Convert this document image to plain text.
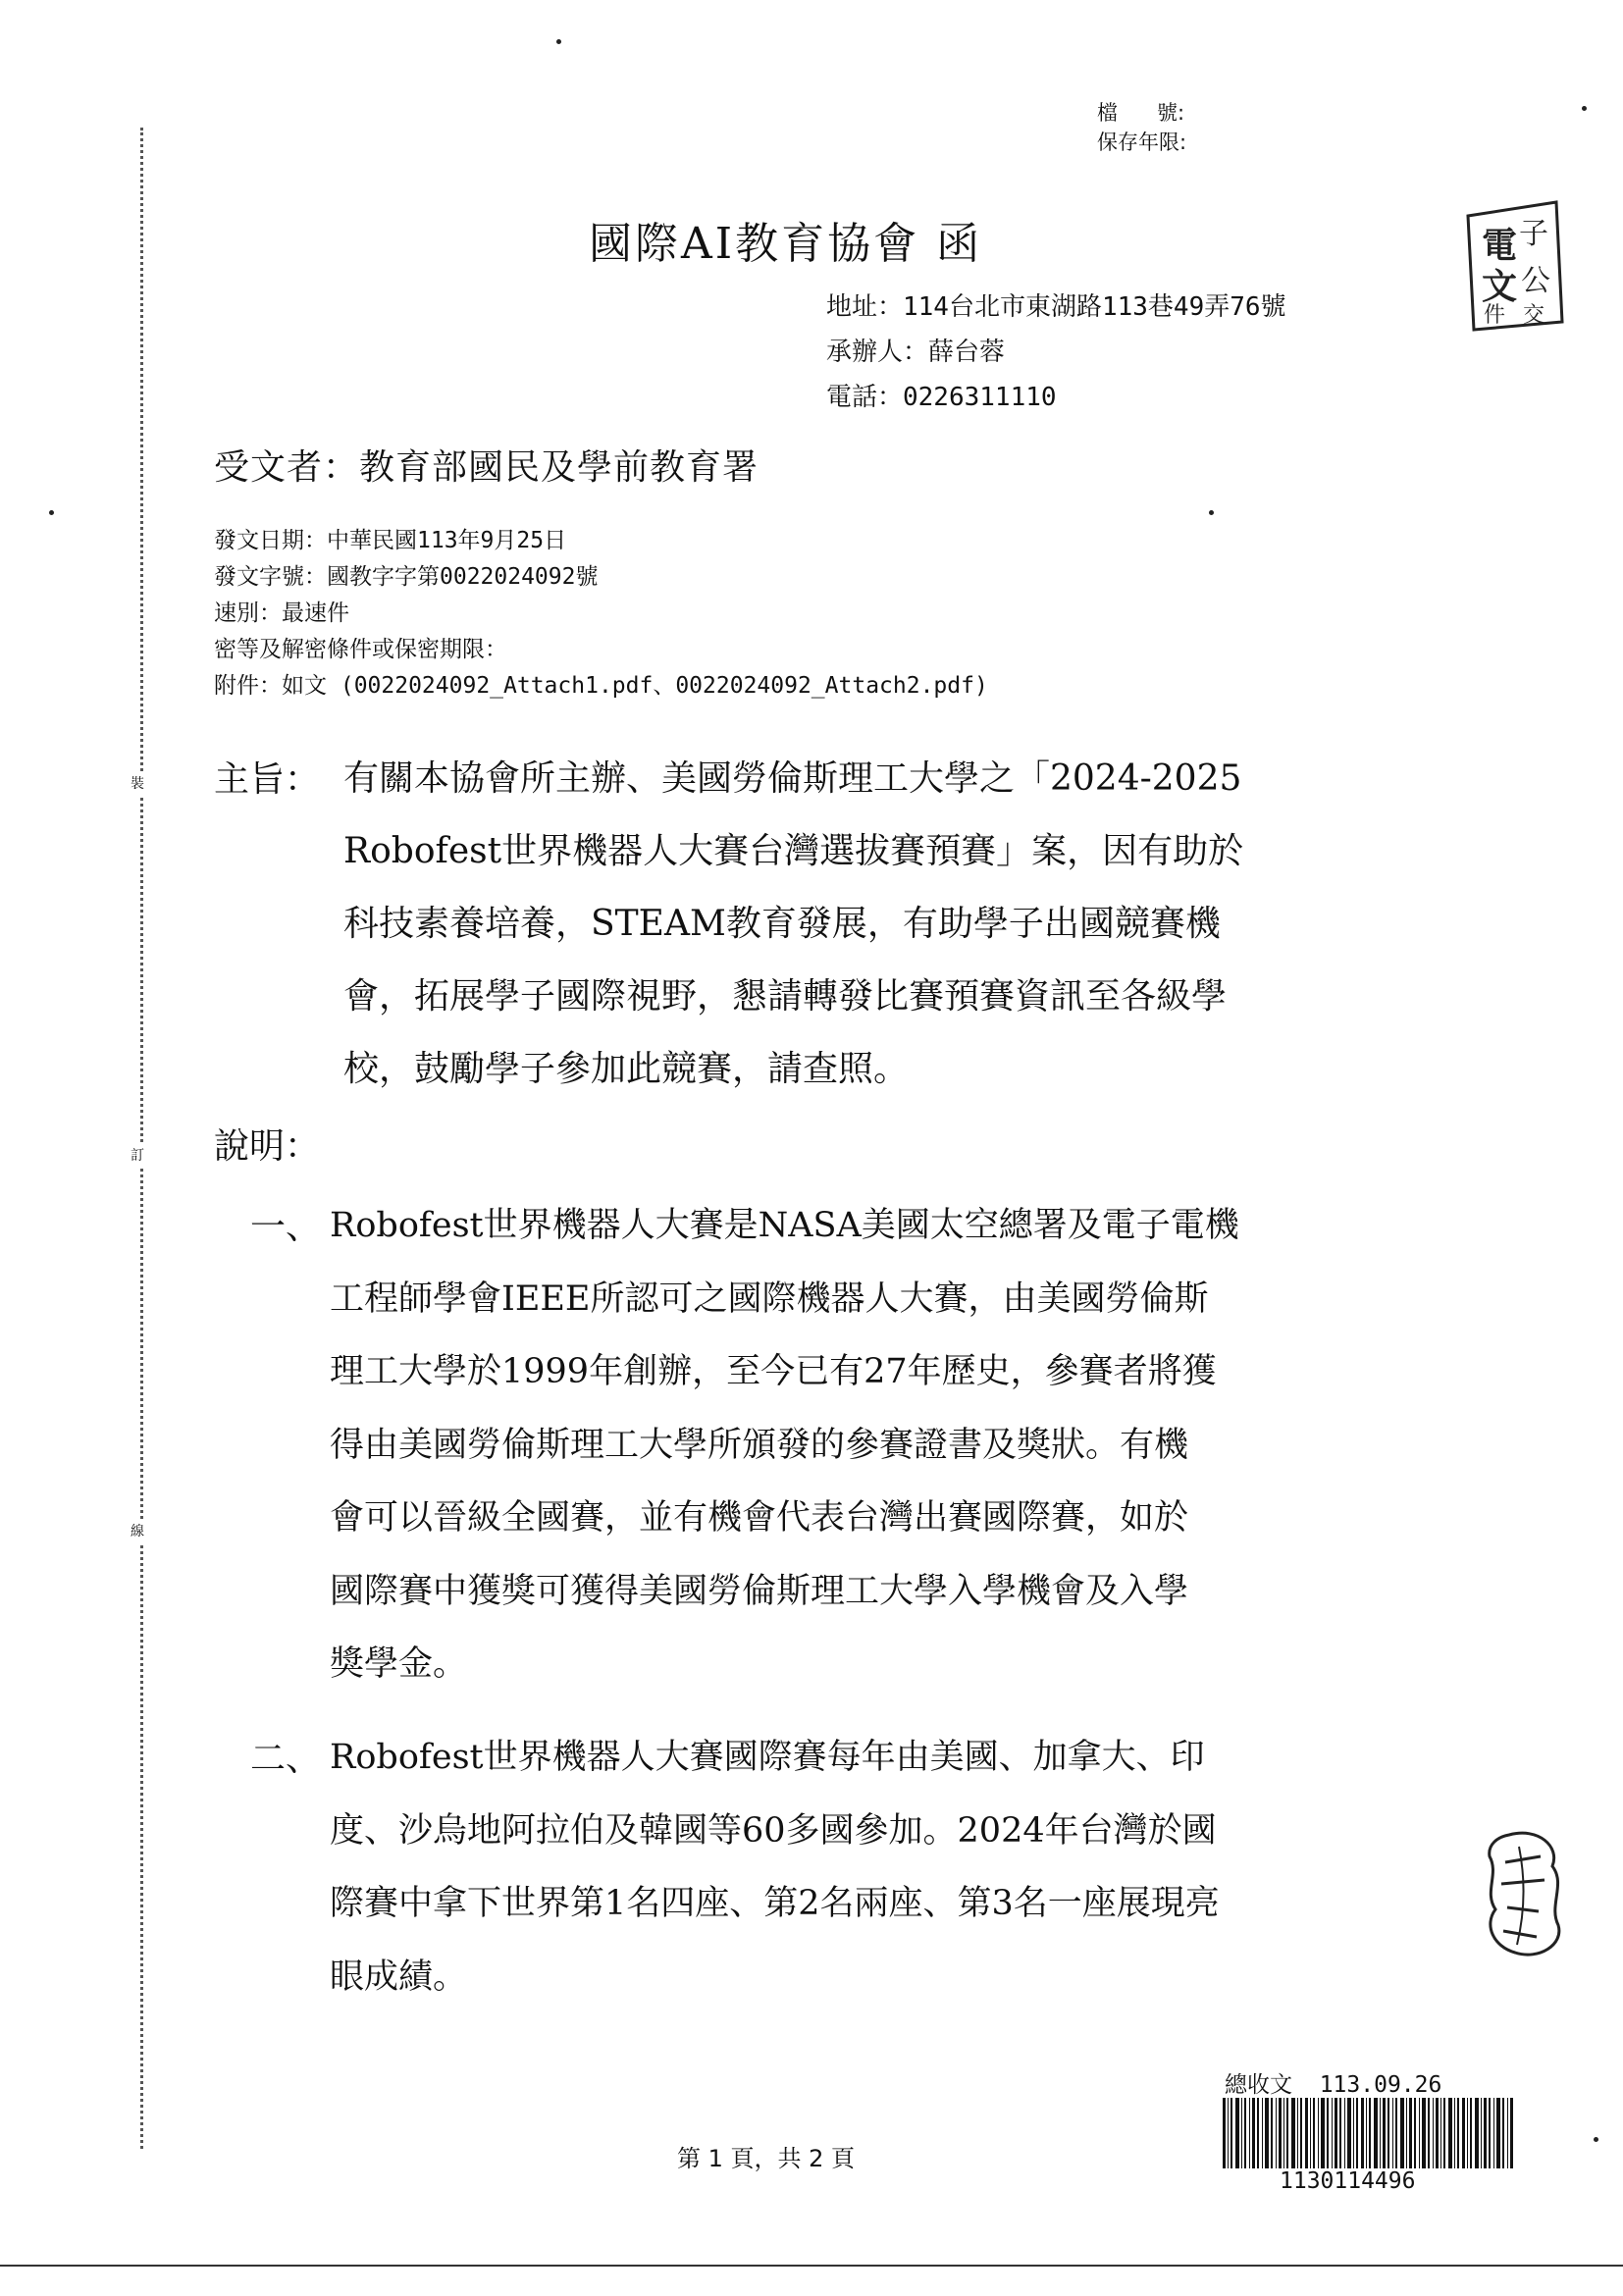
裝
訂
線
檔      號:
保存年限:
國際AI教育協會 函	電 子
文 公
件 交
地址：114台北市東湖路113巷49弄76號
承辦人：薛台蓉
電話：0226311110
受文者：教育部國民及學前教育署
發文日期：中華民國113年9月25日
發文字號：國教字字第0022024092號
速別：最速件
密等及解密條件或保密期限：
附件：如文 (0022024092_Attach1.pdf、0022024092_Attach2.pdf)
主旨： 有關本協會所主辦、美國勞倫斯理工大學之「2024-2025
Robofest世界機器人大賽台灣選拔賽預賽」案，因有助於
科技素養培養，STEAM教育發展，有助學子出國競賽機
會，拓展學子國際視野，懇請轉發比賽預賽資訊至各級學
校，鼓勵學子參加此競賽，請查照。
說明：
一、 Robofest世界機器人大賽是NASA美國太空總署及電子電機
工程師學會IEEE所認可之國際機器人大賽，由美國勞倫斯
理工大學於1999年創辦，至今已有27年歷史，參賽者將獲
得由美國勞倫斯理工大學所頒發的參賽證書及獎狀。有機
會可以晉級全國賽，並有機會代表台灣出賽國際賽，如於
國際賽中獲獎可獲得美國勞倫斯理工大學入學機會及入學
獎學金。
二、 Robofest世界機器人大賽國際賽每年由美國、加拿大、印
度、沙烏地阿拉伯及韓國等60多國參加。2024年台灣於國
際賽中拿下世界第1名四座、第2名兩座、第3名一座展現亮
眼成績。
第 1 頁，共 2 頁
總收文 113.09.26
1130114496
